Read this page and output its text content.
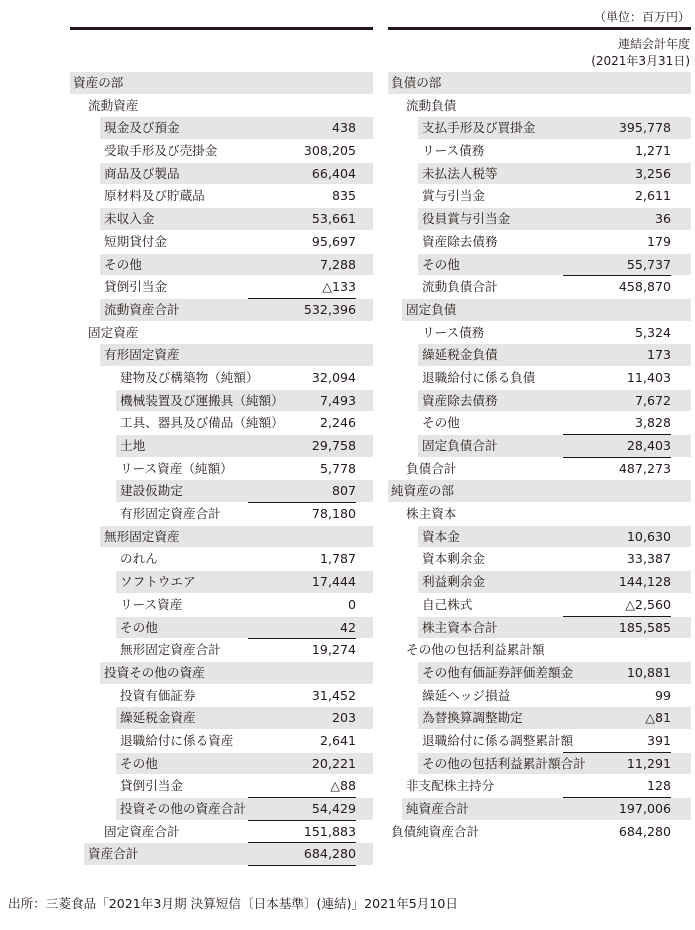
（単位：百万円）
連結会計年度
(2021年3月31日)
資産の部
流動資産
現金及び預金	438
受取手形及び売掛金	308,205
商品及び製品	66,404
原材料及び貯蔵品	835
未収入金	53,661
短期貸付金	95,697
その他	7,288
貸倒引当金	△133
流動資産合計	532,396
固定資産
有形固定資産
建物及び構築物（純額）	32,094
機械装置及び運搬具（純額）	7,493
工具、器具及び備品（純額）	2,246
土地	29,758
リース資産（純額）	5,778
建設仮勘定	807
有形固定資産合計	78,180
無形固定資産
のれん	1,787
ソフトウエア	17,444
リース資産	0
その他	42
無形固定資産合計	19,274
投資その他の資産
投資有価証券	31,452
繰延税金資産	203
退職給付に係る資産	2,641
その他	20,221
貸倒引当金	△88
投資その他の資産合計	54,429
固定資産合計	151,883
資産合計	684,280
負債の部
流動負債
支払手形及び買掛金	395,778
リース債務	1,271
未払法人税等	3,256
賞与引当金	2,611
役員賞与引当金	36
資産除去債務	179
その他	55,737
流動負債合計	458,870
固定負債
リース債務	5,324
繰延税金負債	173
退職給付に係る負債	11,403
資産除去債務	7,672
その他	3,828
固定負債合計	28,403
負債合計	487,273
純資産の部
株主資本
資本金	10,630
資本剰余金	33,387
利益剰余金	144,128
自己株式	△2,560
株主資本合計	185,585
その他の包括利益累計額
その他有価証券評価差額金	10,881
繰延ヘッジ損益	99
為替換算調整勘定	△81
退職給付に係る調整累計額	391
その他の包括利益累計額合計	11,291
非支配株主持分	128
純資産合計	197,006
負債純資産合計	684,280
出所：三菱食品「2021年3月期 決算短信〔日本基準〕(連結)」2021年5月10日
